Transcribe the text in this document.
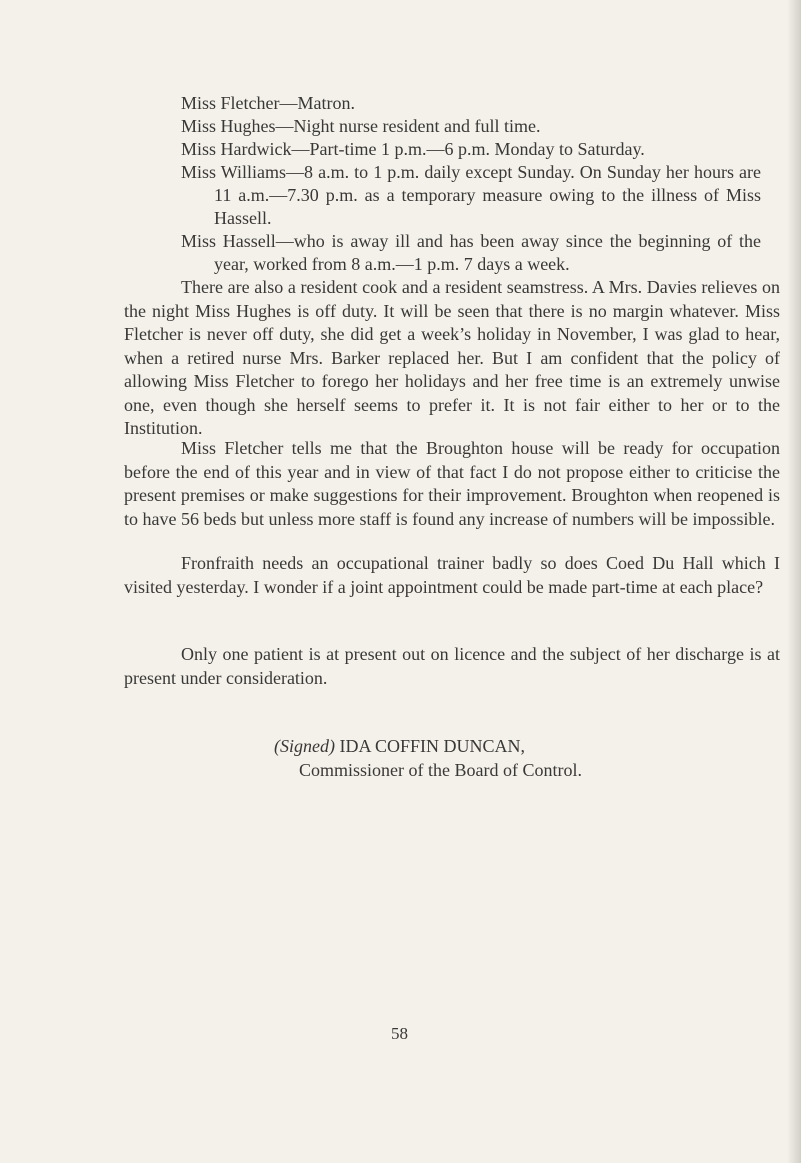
Miss Fletcher—Matron.
Miss Hughes—Night nurse resident and full time.
Miss Hardwick—Part-time 1 p.m.—6 p.m. Monday to Saturday.
Miss Williams—8 a.m. to 1 p.m. daily except Sunday. On Sunday her hours are 11 a.m.—7.30 p.m. as a temporary measure owing to the illness of Miss Hassell.
Miss Hassell—who is away ill and has been away since the beginning of the year, worked from 8 a.m.—1 p.m. 7 days a week.

There are also a resident cook and a resident seamstress. A Mrs. Davies relieves on the night Miss Hughes is off duty. It will be seen that there is no margin whatever. Miss Fletcher is never off duty, she did get a week’s holiday in November, I was glad to hear, when a retired nurse Mrs. Barker replaced her. But I am confident that the policy of allowing Miss Fletcher to forego her holidays and her free time is an extremely unwise one, even though she herself seems to prefer it. It is not fair either to her or to the Institution.

Miss Fletcher tells me that the Broughton house will be ready for occupation before the end of this year and in view of that fact I do not propose either to criticise the present premises or make suggestions for their improvement. Broughton when reopened is to have 56 beds but unless more staff is found any increase of numbers will be impossible.

Fronfraith needs an occupational trainer badly so does Coed Du Hall which I visited yesterday. I wonder if a joint appointment could be made part-time at each place?

Only one patient is at present out on licence and the subject of her discharge is at present under consideration.

(Signed) IDA COFFIN DUNCAN,
Commissioner of the Board of Control.
58
